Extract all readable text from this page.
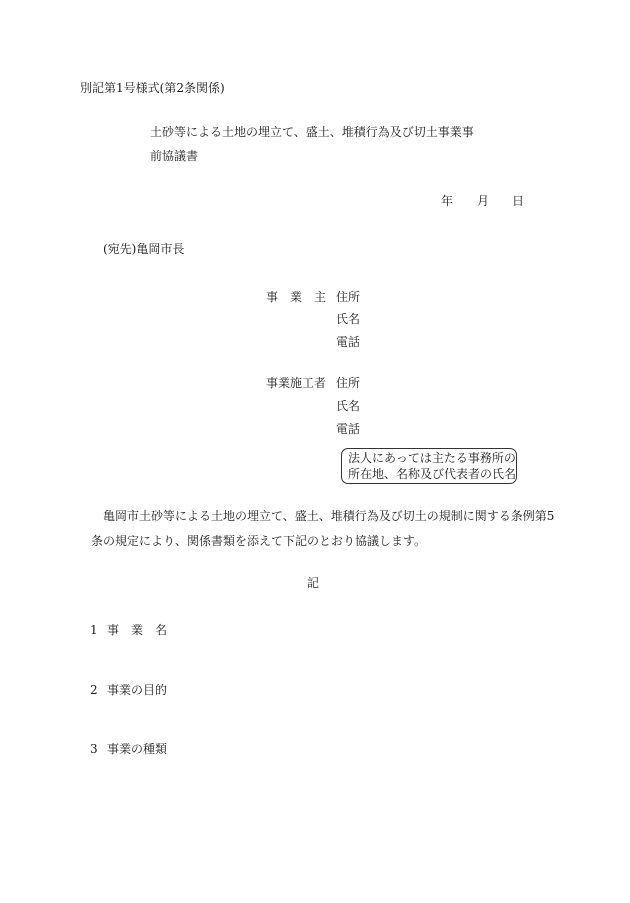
別記第1号様式(第2条関係)
土砂等による土地の埋立て、盛土、堆積行為及び切土事業事
前協議書
年 月 日
(宛先)亀岡市長
事　業　主 住所
氏名
電話
事業施工者 住所
氏名
電話
法人にあっては主たる事務所の
所在地、名称及び代表者の氏名
亀岡市土砂等による土地の埋立て、盛土、堆積行為及び切土の規制に関する条例第5
条の規定により、関係書類を添えて下記のとおり協議します。
記
1 事　業　名
2 事業の目的
3 事業の種類
